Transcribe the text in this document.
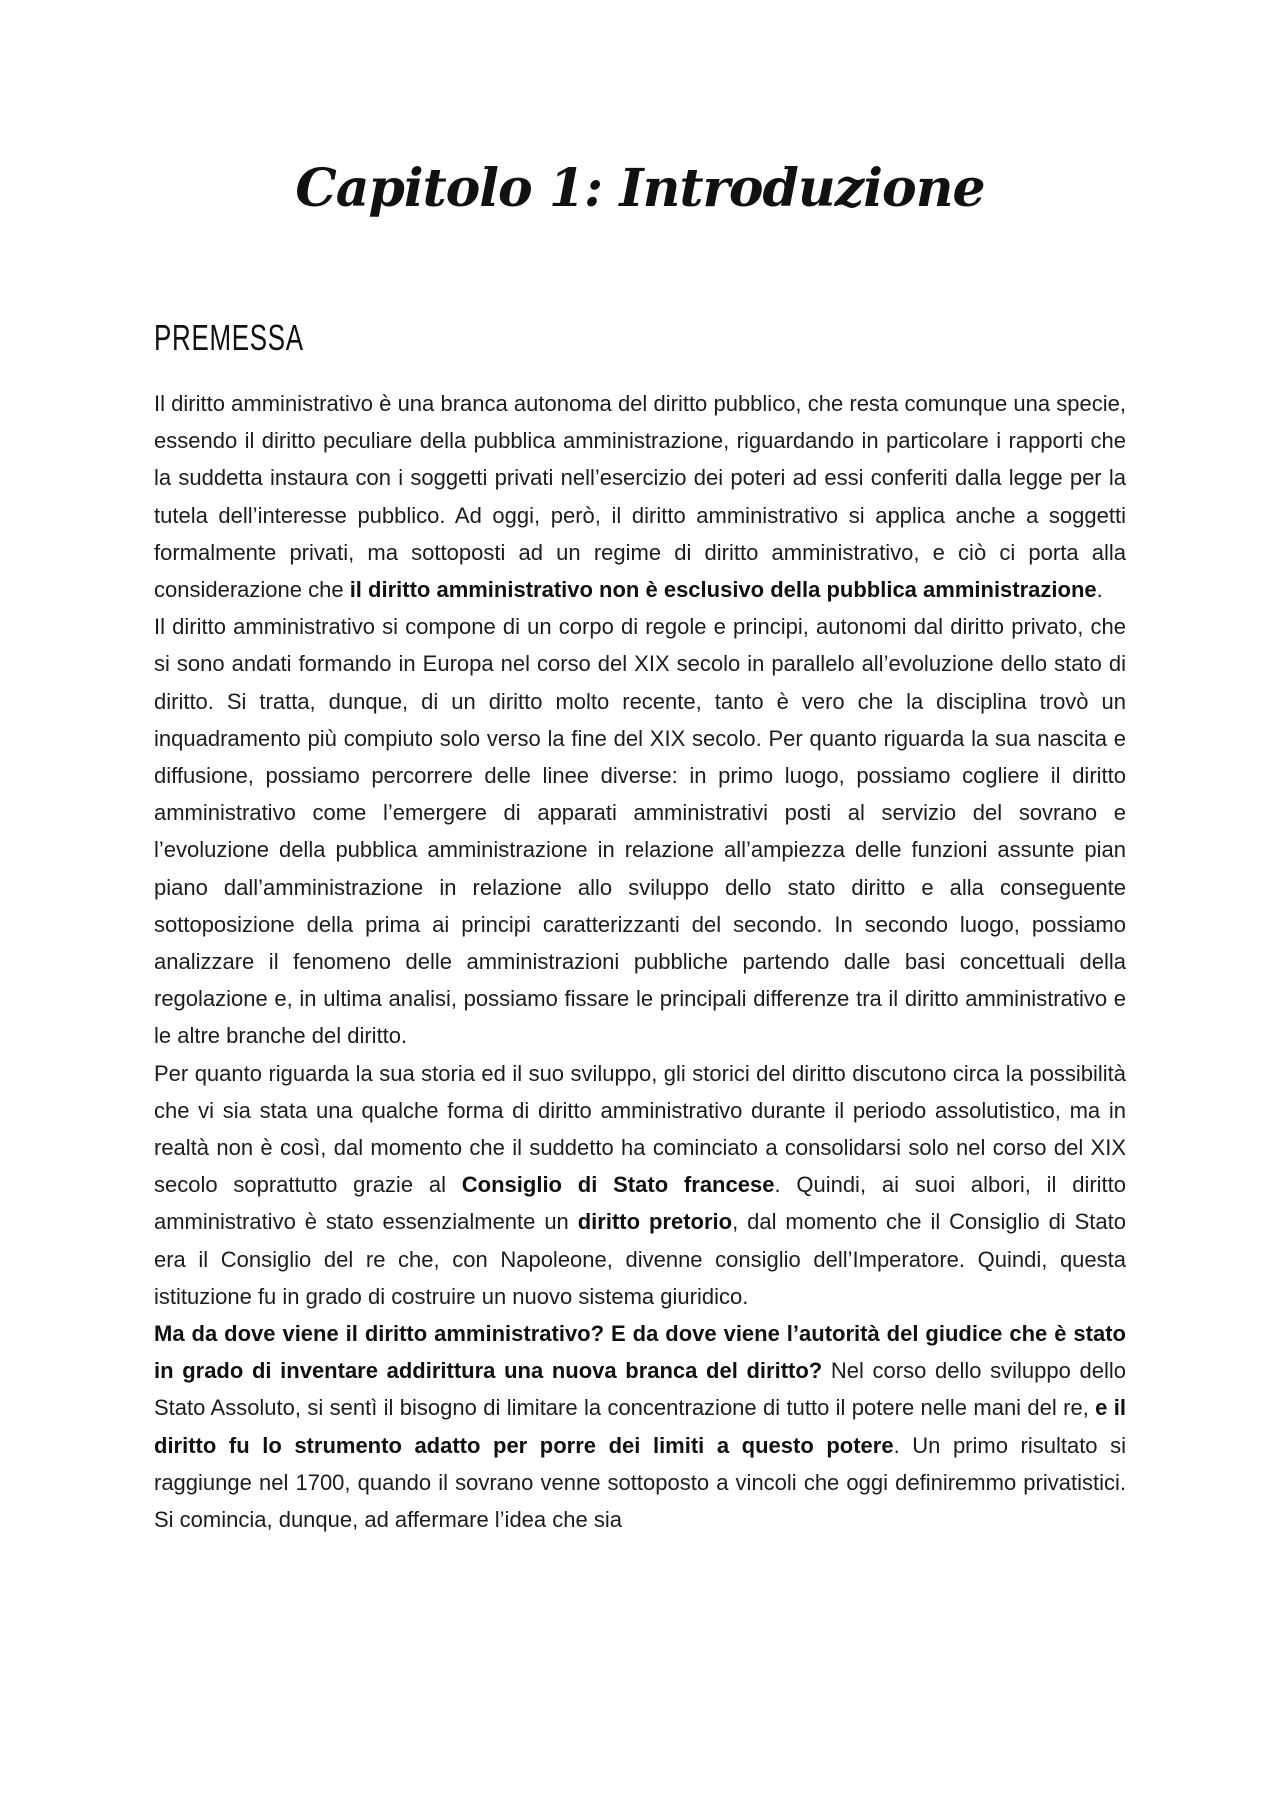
Capitolo 1: Introduzione
PREMESSA

Il diritto amministrativo è una branca autonoma del diritto pubblico, che resta comunque una specie, essendo il diritto peculiare della pubblica amministrazione, riguardando in particolare i rapporti che la suddetta instaura con i soggetti privati nell’esercizio dei poteri ad essi conferiti dalla legge per la tutela dell’interesse pubblico. Ad oggi, però, il diritto amministrativo si applica anche a soggetti formalmente privati, ma sottoposti ad un regime di diritto amministrativo, e ciò ci porta alla considerazione che il diritto amministrativo non è esclusivo della pubblica amministrazione.

Il diritto amministrativo si compone di un corpo di regole e principi, autonomi dal diritto privato, che si sono andati formando in Europa nel corso del XIX secolo in parallelo all’evoluzione dello stato di diritto. Si tratta, dunque, di un diritto molto recente, tanto è vero che la disciplina trovò un inquadramento più compiuto solo verso la fine del XIX secolo. Per quanto riguarda la sua nascita e diffusione, possiamo percorrere delle linee diverse: in primo luogo, possiamo cogliere il diritto amministrativo come l’emergere di apparati amministrativi posti al servizio del sovrano e l’evoluzione della pubblica amministrazione in relazione all’ampiezza delle funzioni assunte pian piano dall’amministrazione in relazione allo sviluppo dello stato diritto e alla conseguente sottoposizione della prima ai principi caratterizzanti del secondo. In secondo luogo, possiamo analizzare il fenomeno delle amministrazioni pubbliche partendo dalle basi concettuali della regolazione e, in ultima analisi, possiamo fissare le principali differenze tra il diritto amministrativo e le altre branche del diritto.

Per quanto riguarda la sua storia ed il suo sviluppo, gli storici del diritto discutono circa la possibilità che vi sia stata una qualche forma di diritto amministrativo durante il periodo assolutistico, ma in realtà non è così, dal momento che il suddetto ha cominciato a consolidarsi solo nel corso del XIX secolo soprattutto grazie al Consiglio di Stato francese. Quindi, ai suoi albori, il diritto amministrativo è stato essenzialmente un diritto pretorio, dal momento che il Consiglio di Stato era il Consiglio del re che, con Napoleone, divenne consiglio dell’Imperatore. Quindi, questa istituzione fu in grado di costruire un nuovo sistema giuridico.

Ma da dove viene il diritto amministrativo? E da dove viene l’autorità del giudice che è stato in grado di inventare addirittura una nuova branca del diritto? Nel corso dello sviluppo dello Stato Assoluto, si sentì il bisogno di limitare la concentrazione di tutto il potere nelle mani del re, e il diritto fu lo strumento adatto per porre dei limiti a questo potere. Un primo risultato si raggiunge nel 1700, quando il sovrano venne sottoposto a vincoli che oggi definiremmo privatistici. Si comincia, dunque, ad affermare l’idea che sia
